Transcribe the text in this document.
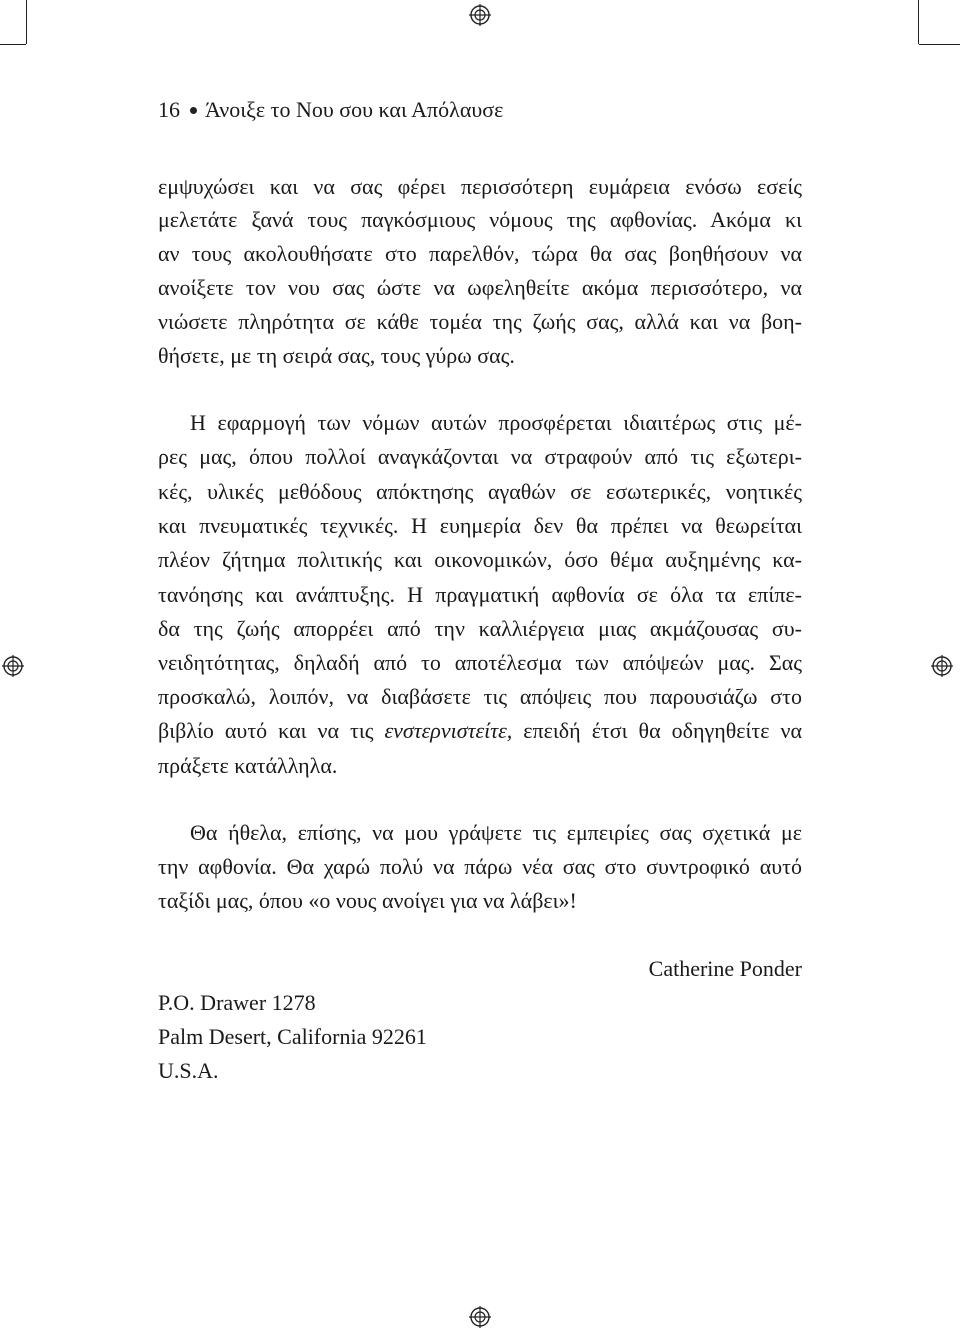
16 Άνοιξε το Νου σου και Απόλαυσε
εμψυχώσει και να σας φέρει περισσότερη ευμάρεια ενόσω εσείς
μελετάτε ξανά τους παγκόσμιους νόμους της αφθονίας. Ακόμα κι
αν τους ακολουθήσατε στο παρελθόν, τώρα θα σας βοηθήσουν να
ανοίξετε τον νου σας ώστε να ωφεληθείτε ακόμα περισσότερο, να
νιώσετε πληρότητα σε κάθε τομέα της ζωής σας, αλλά και να βοη-
θήσετε, με τη σειρά σας, τους γύρω σας.
Η εφαρμογή των νόμων αυτών προσφέρεται ιδιαιτέρως στις μέ-
ρες μας, όπου πολλοί αναγκάζονται να στραφούν από τις εξωτερι-
κές, υλικές μεθόδους απόκτησης αγαθών σε εσωτερικές, νοητικές
και πνευματικές τεχνικές. Η ευημερία δεν θα πρέπει να θεωρείται
πλέον ζήτημα πολιτικής και οικονομικών, όσο θέμα αυξημένης κα-
τανόησης και ανάπτυξης. Η πραγματική αφθονία σε όλα τα επίπε-
δα της ζωής απορρέει από την καλλιέργεια μιας ακμάζουσας συ-
νειδητότητας, δηλαδή από το αποτέλεσμα των απόψεών μας. Σας
προσκαλώ, λοιπόν, να διαβάσετε τις απόψεις που παρουσιάζω στο
βιβλίο αυτό και να τις ενστερνιστείτε, επειδή έτσι θα οδηγηθείτε να
πράξετε κατάλληλα.
Θα ήθελα, επίσης, να μου γράψετε τις εμπειρίες σας σχετικά με
την αφθονία. Θα χαρώ πολύ να πάρω νέα σας στο συντροφικό αυτό
ταξίδι μας, όπου «ο νους ανοίγει για να λάβει»!
Catherine Ponder
P.O. Drawer 1278
Palm Desert, California 92261
U.S.A.
